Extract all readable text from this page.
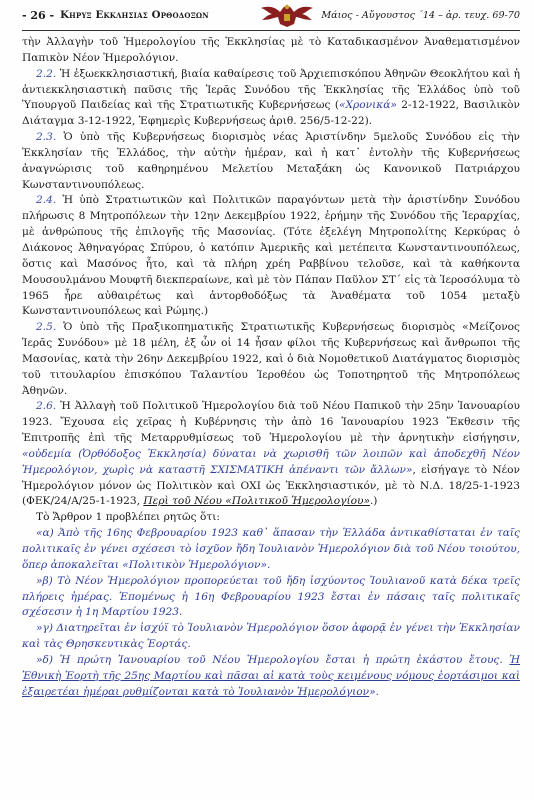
- 26 - Κηρυξ Εκκλησιας Ορθοδοξων	Μάιος - Αὔγουστος ΄14 – ἀρ. τευχ. 69-70

τὴν Ἀλλαγὴν τοῦ Ἡμερολογίου τῆς Ἐκκλησίας μὲ τὸ Καταδικασμένον Ἀναθεματισμένον Παπικὸν Νέον Ἡμερολόγιον.

2.2. Ἡ ἐξωεκκλησιαστική, βιαία καθαίρεσις τοῦ Ἀρχιεπισκόπου Ἀθηνῶν Θεοκλήτου καὶ ἡ ἀντιεκκλησιαστικὴ παῦσις τῆς Ἱερᾶς Συνόδου τῆς Ἐκκλησίας τῆς Ἑλλάδος ὑπὸ τοῦ Ὑπουργοῦ Παιδείας καὶ τῆς Στρατιωτικῆς Κυβερνήσεως («Χρονικά» 2-12-1922, Βασιλικὸν Διάταγμα 3-12-1922, Ἐφημερὶς Κυβερνήσεως ἀριθ. 256/5-12-22).

2.3. Ὁ ὑπὸ τῆς Κυβερνήσεως διορισμὸς νέας Ἀριστίνδην 5μελοῦς Συνόδου εἰς τὴν Ἐκκλησίαν τῆς Ἑλλάδος, τὴν αὐτὴν ἡμέραν, καὶ ἡ κατ᾽ ἐντολὴν τῆς Κυβερνήσεως ἀναγνώρισις τοῦ καθηρημένου Μελετίου Μεταξάκη ὡς Κανονικοῦ Πατριάρχου Κωνσταντινουπόλεως.

2.4. Ἡ ὑπὸ Στρατιωτικῶν καὶ Πολιτικῶν παραγόντων μετὰ τὴν ἀριστίνδην Συνόδου πλήρωσις 8 Μητροπόλεων τὴν 12ην Δεκεμβρίου 1922, ἐρήμην τῆς Συνόδου τῆς Ἱεραρχίας, μὲ ἀνθρώπους τῆς ἐπιλογῆς τῆς Μασονίας. (Τότε ἐξελέγη Μητροπολίτης Κερκύρας ὁ Διάκονος Ἀθηναγόρας Σπύρου, ὁ κατόπιν Ἀμερικῆς καὶ μετέπειτα Κωνσταντινουπόλεως, ὅστις καὶ Μασόνος ἦτο, καὶ τὰ πλήρη χρέη Ραββίνου τελοῦσε, καὶ τὰ καθήκοντα Μουσουλμάνου Μουφτῆ διεκπεραίωνε, καὶ μὲ τὸν Πάπαν Παῦλον ΣΤ΄ εἰς τὰ Ἱεροσόλυμα τὸ 1965 ἦρε αὐθαιρέτως καὶ ἀντορθοδόξως τὰ Ἀναθέματα τοῦ 1054 μεταξὺ Κωνσταντινουπόλεως καὶ Ρώμης.)

2.5. Ὁ ὑπὸ τῆς Πραξικοπηματικῆς Στρατιωτικῆς Κυβερνήσεως διορισμὸς «Μείζονος Ἱερᾶς Συνόδου» μὲ 18 μέλη, ἐξ ὧν οἱ 14 ἦσαν φίλοι τῆς Κυβερνήσεως καὶ ἄνθρωποι τῆς Μασονίας, κατὰ τὴν 26ην Δεκεμβρίου 1922, καὶ ὁ διὰ Νομοθετικοῦ Διατάγματος διορισμὸς τοῦ τιτουλαρίου ἐπισκόπου Ταλαντίου Ἱεροθέου ὡς Τοποτηρητοῦ τῆς Μητροπόλεως Ἀθηνῶν.

2.6. Ἡ Ἀλλαγὴ τοῦ Πολιτικοῦ Ἡμερολογίου διὰ τοῦ Νέου Παπικοῦ τὴν 25ην Ἰανουαρίου 1923. Ἔχουσα εἰς χεῖρας ἡ Κυβέρνησις τὴν ἀπὸ 16 Ἰανουαρίου 1923 Ἔκθεσιν τῆς Ἐπιτροπῆς ἐπὶ τῆς Μεταρρυθμίσεως τοῦ Ἡμερολογίου μὲ τὴν ἀρνητικὴν εἰσήγησιν, «οὐδεμία (Ὀρθόδοξος Ἐκκλησία) δύναται νὰ χωρισθῆ τῶν λοιπῶν καὶ ἀποδεχθῆ Νέον Ἡμερολόγιον, χωρὶς νὰ καταστῆ ΣΧΙΣΜΑΤΙΚΗ ἀπέναντι τῶν ἄλλων», εἰσήγαγε τὸ Νέον Ἡμερολόγιον μόνον ὡς Πολιτικὸν καὶ ΟΧΙ ὡς Ἐκκλησιαστικόν, μὲ τὸ Ν.Δ. 18/25-1-1923 (ΦΕΚ/24/Α/25-1-1923, Περὶ τοῦ Νέου «Πολιτικοῦ Ἡμερολογίου».)

Τὸ Ἄρθρον 1 προβλέπει ρητῶς ὅτι:

«α) Ἀπὸ τῆς 16ης Φεβρουαρίου 1923 καθ᾽ ἅπασαν τὴν Ἑλλάδα ἀντικαθίσταται ἐν ταῖς πολιτικαῖς ἐν γένει σχέσεσι τὸ ἰσχῦον ἤδη Ἰουλιανὸν Ἡμερολόγιον διὰ τοῦ Νέου τοιούτου, ὅπερ ἀποκαλεῖται «Πολιτικὸν Ἡμερολόγιον».

»β) Τὸ Νέον Ἡμερολόγιον προπορεύεται τοῦ ἤδη ἰσχύοντος Ἰουλιανοῦ κατὰ δέκα τρεῖς πλήρεις ἡμέρας. Ἐπομένως ἡ 16η Φεβρουαρίου 1923 ἔσται ἐν πάσαις ταῖς πολιτικαῖς σχέσεσιν ἡ 1η Μαρτίου 1923.

»γ) Διατηρεῖται ἐν ἰσχύϊ τὸ Ἰουλιανὸν Ἡμερολόγιον ὅσον ἀφορᾷ ἐν γένει τὴν Ἐκκλησίαν καὶ τὰς Θρησκευτικὰς Ἑορτάς.

»δ) Ἡ πρώτη Ἰανουαρίου τοῦ Νέου Ἡμερολογίου ἔσται ἡ πρώτη ἑκάστου ἔτους. Ἡ Ἐθνικὴ Ἑορτὴ τῆς 25ης Μαρτίου καὶ πᾶσαι αἱ κατὰ τοὺς κειμένους νόμους ἑορτάσιμοι καὶ ἐξαιρετέαι ἡμέραι ρυθμίζονται κατὰ τὸ Ἰουλιανὸν Ἡμερολόγιον».
